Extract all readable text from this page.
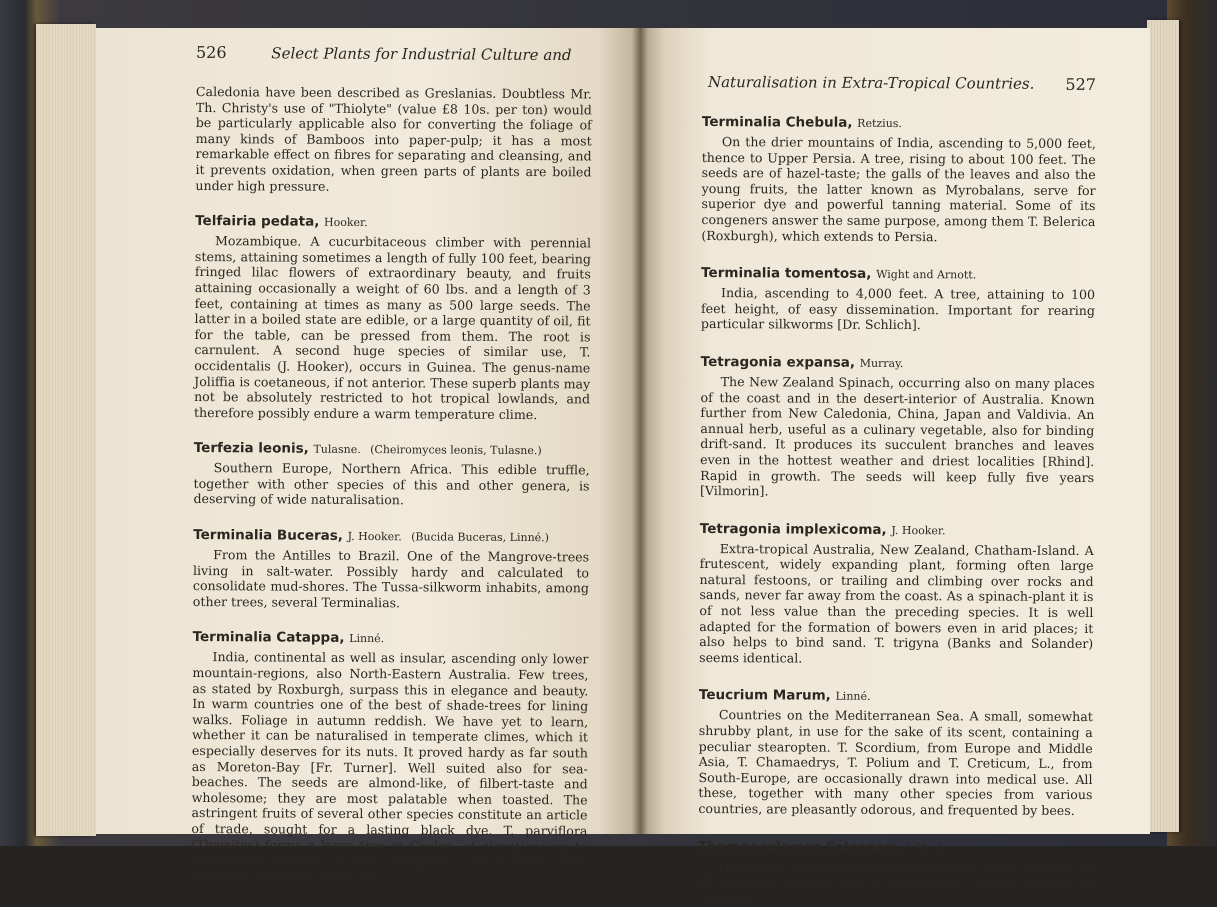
526	Select Plants for Industrial Culture and
Naturalisation in Extra-Tropical Countries. 527

Caledonia have been described as Greslanias. Doubtless Mr. Th. Christy's use of "Thiolyte" (value £8 10s. per ton) would be particularly applicable also for converting the foliage of many kinds of Bamboos into paper-pulp; it has a most remarkable effect on fibres for separating and cleansing, and it prevents oxidation, when green parts of plants are boiled under high pressure.

Telfairia pedata, Hooker.

Mozambique. A cucurbitaceous climber with perennial stems, attaining sometimes a length of fully 100 feet, bearing fringed lilac flowers of extraordinary beauty, and fruits attaining occasionally a weight of 60 lbs. and a length of 3 feet, containing at times as many as 500 large seeds. The latter in a boiled state are edible, or a large quantity of oil, fit for the table, can be pressed from them. The root is carnulent. A second huge species of similar use, T. occidentalis (J. Hooker), occurs in Guinea. The genus-name Joliffia is coetaneous, if not anterior. These superb plants may not be absolutely restricted to hot tropical lowlands, and therefore possibly endure a warm temperature clime.

Terfezia leonis, Tulasne. (Cheiromyces leonis, Tulasne.)

Southern Europe, Northern Africa. This edible truffle, together with other species of this and other genera, is deserving of wide naturalisation.

Terminalia Buceras, J. Hooker. (Bucida Buceras, Linné.)

From the Antilles to Brazil. One of the Mangrove-trees living in salt-water. Possibly hardy and calculated to consolidate mud-shores. The Tussa-silkworm inhabits, among other trees, several Terminalias.

Terminalia Catappa, Linné.

India, continental as well as insular, ascending only lower mountain-regions, also North-Eastern Australia. Few trees, as stated by Roxburgh, surpass this in elegance and beauty. In warm countries one of the best of shade-trees for lining walks. Foliage in autumn reddish. We have yet to learn, whether it can be naturalised in temperate climes, which it especially deserves for its nuts. It proved hardy as far south as Moreton-Bay [Fr. Turner]. Well suited also for sea-beaches. The seeds are almond-like, of filbert-taste and wholesome; they are most palatable when toasted. The astringent fruits of several other species constitute an article of trade, sought for a lasting black dye. T. parviflora (Thwaites) forms a large tree in Ceylon, at elevations up to 4,000 feet. Several of their congeners reach extra-tropic latitudes in Eastern Australia.

Terminalia Chebula, Retzius.

On the drier mountains of India, ascending to 5,000 feet, thence to Upper Persia. A tree, rising to about 100 feet. The seeds are of hazel-taste; the galls of the leaves and also the young fruits, the latter known as Myrobalans, serve for superior dye and powerful tanning material. Some of its congeners answer the same purpose, among them T. Belerica (Roxburgh), which extends to Persia.

Terminalia tomentosa, Wight and Arnott.

India, ascending to 4,000 feet. A tree, attaining to 100 feet height, of easy dissemination. Important for rearing particular silkworms [Dr. Schlich].

Tetragonia expansa, Murray.

The New Zealand Spinach, occurring also on many places of the coast and in the desert-interior of Australia. Known further from New Caledonia, China, Japan and Valdivia. An annual herb, useful as a culinary vegetable, also for binding drift-sand. It produces its succulent branches and leaves even in the hottest weather and driest localities [Rhind]. Rapid in growth. The seeds will keep fully five years [Vilmorin].

Tetragonia implexicoma, J. Hooker.

Extra-tropical Australia, New Zealand, Chatham-Island. A frutescent, widely expanding plant, forming often large natural festoons, or trailing and climbing over rocks and sands, never far away from the coast. As a spinach-plant it is of not less value than the preceding species. It is well adapted for the formation of bowers even in arid places; it also helps to bind sand. T. trigyna (Banks and Solander) seems identical.

Teucrium Marum, Linné.

Countries on the Mediterranean Sea. A small, somewhat shrubby plant, in use for the sake of its scent, containing a peculiar stearopten. T. Scordium, from Europe and Middle Asia, T. Chamaedrys, T. Polium and T. Creticum, L., from South-Europe, are occasionally drawn into medical use. All these, together with many other species from various countries, are pleasantly odorous, and frequented by bees.

Thamnocalamus Falconeri, J. Hooker.

Himalaya, ascending to 8,000 feet. One of the hardiest of all bamboos, with its ally, T. spathiflorus, Munro. Neither of them tall.
